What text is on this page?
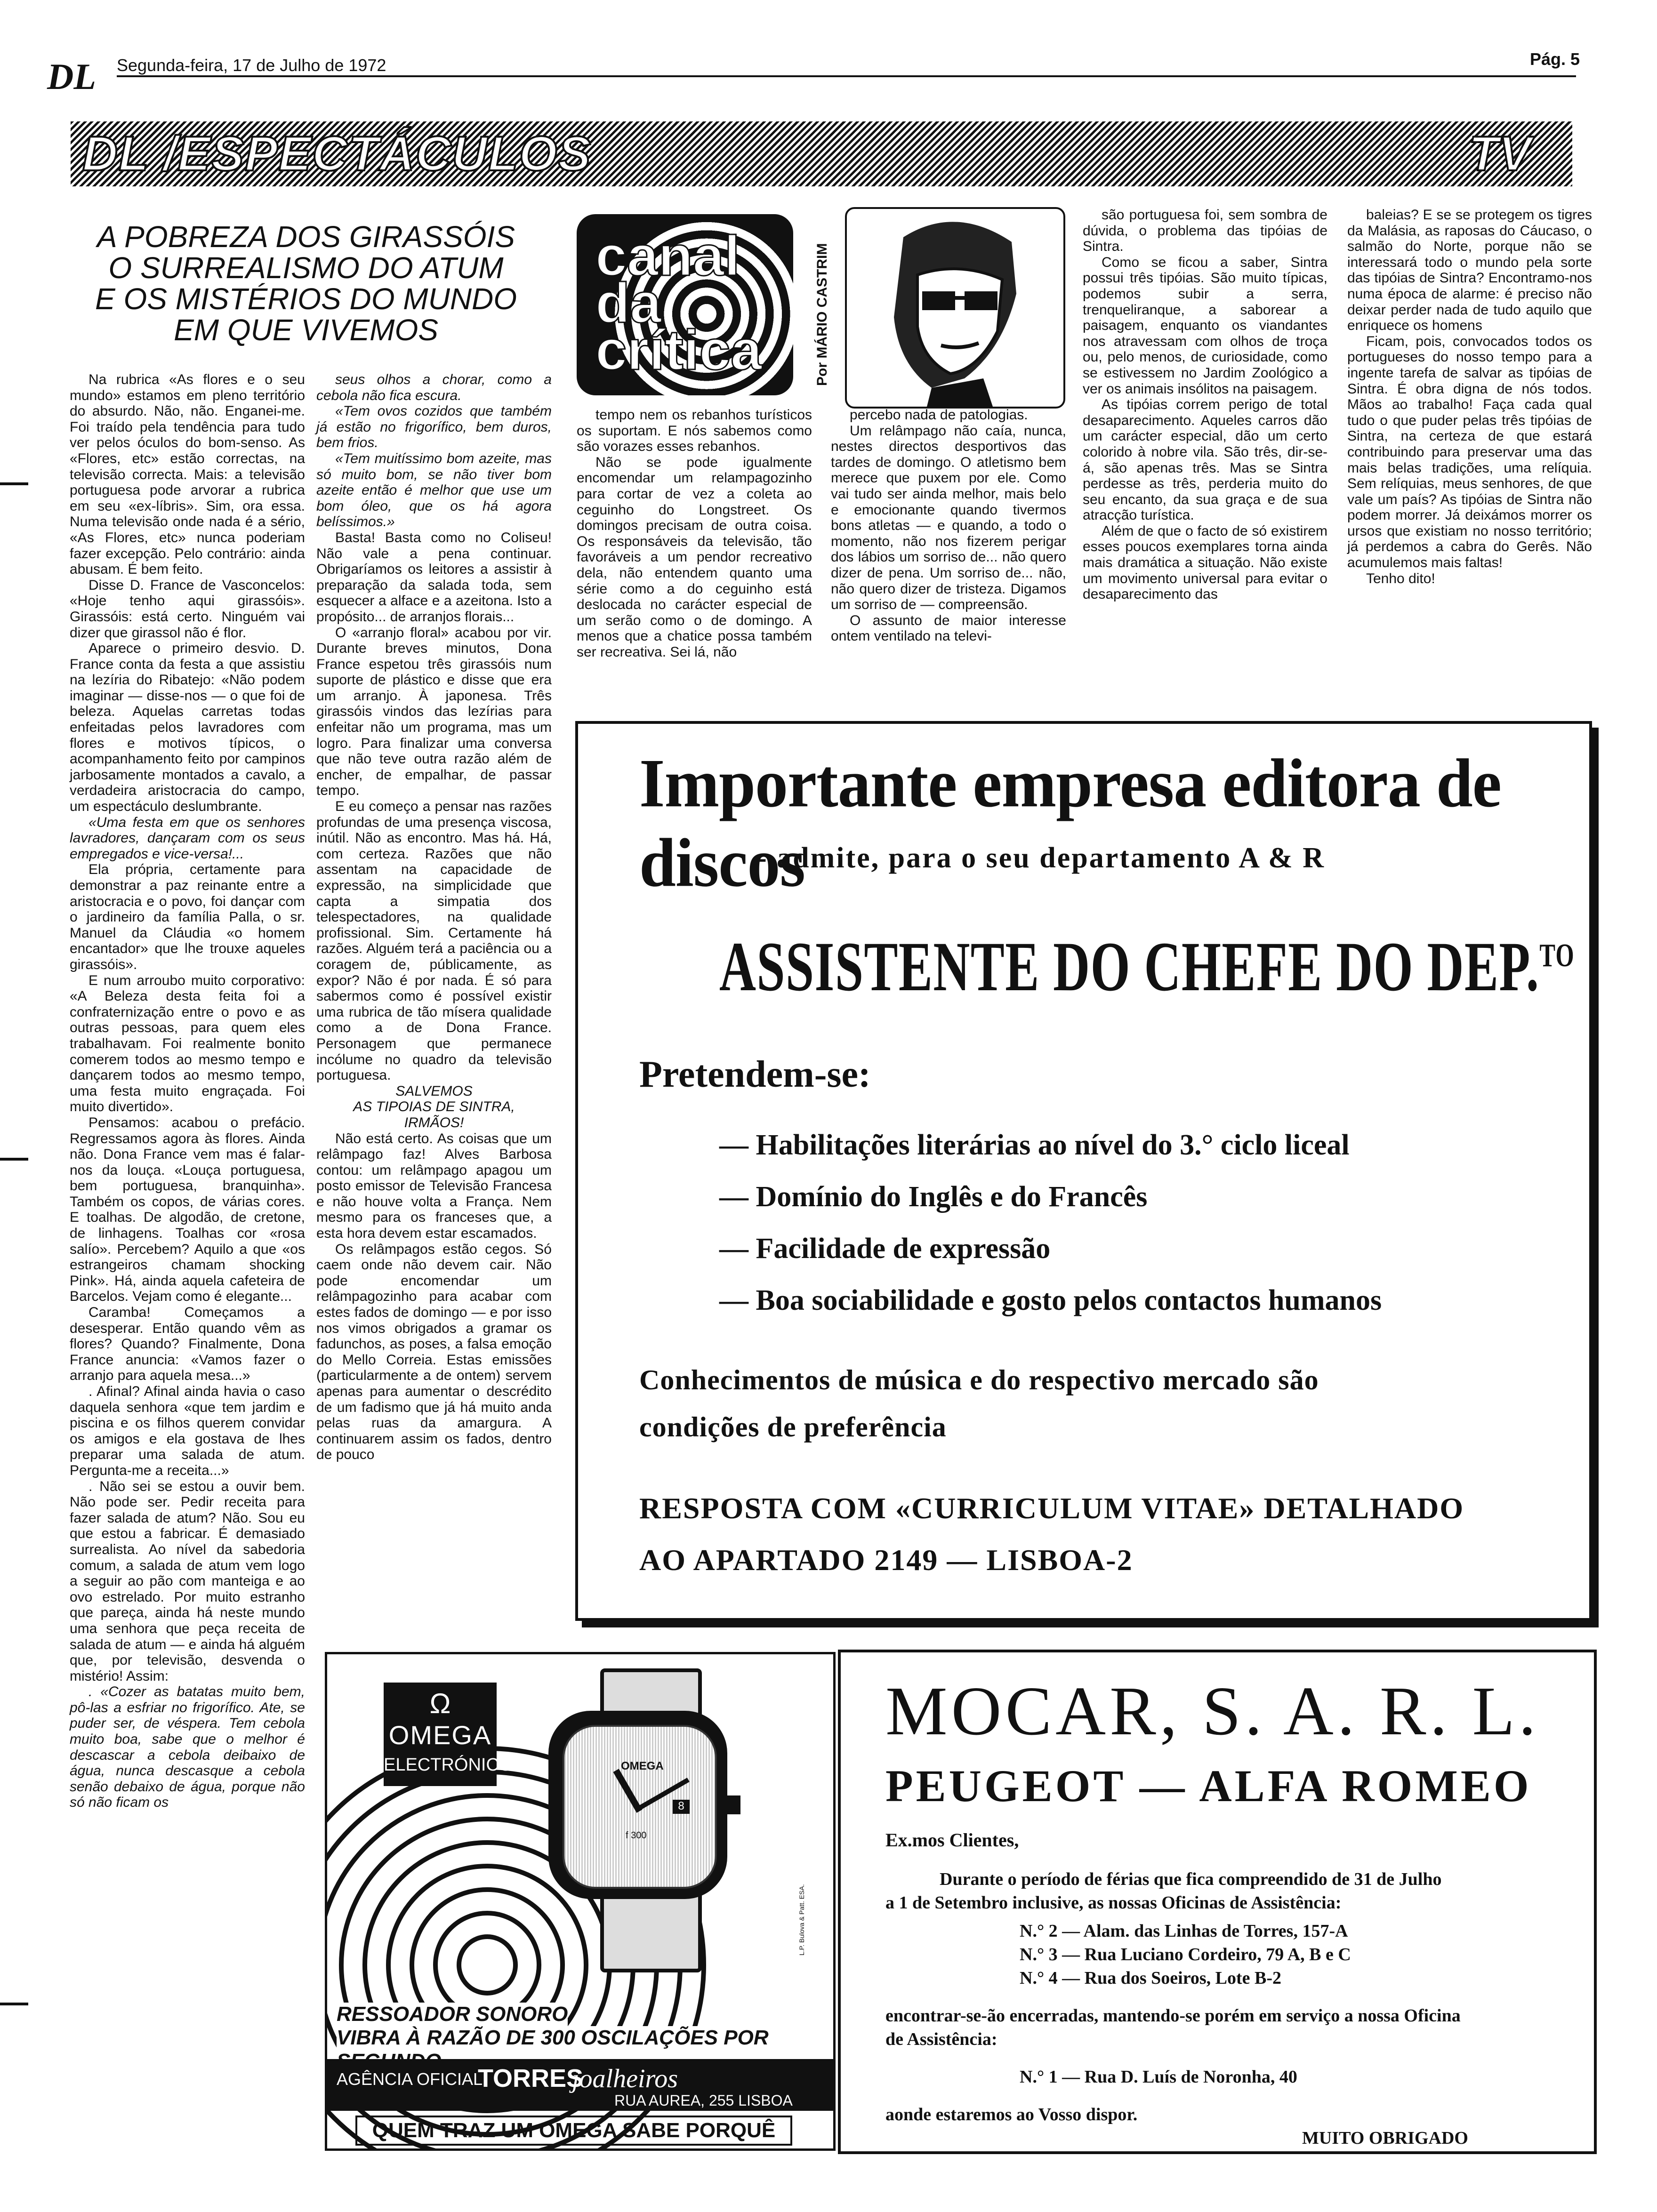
DL Segunda-feira, 17 de Julho de 1972	Pág. 5
DL /ESPECTÁCULOS	TV
A POBREZA DOS GIRASSÓIS
O SURREALISMO DO ATUM
E OS MISTÉRIOS DO MUNDO
EM QUE VIVEMOS
canal
da
crítica	Por MÁRIO CASTRIM

Na rubrica «As flores e o seu mundo» estamos em pleno território do absurdo. Não, não. Enganei-me. Foi traído pela tendência para tudo ver pelos óculos do bom-senso. As «Flores, etc» estão correctas, na televisão correcta. Mais: a televisão portuguesa pode arvorar a rubrica em seu «ex-líbris». Sim, ora essa. Numa televisão onde nada é a sério, «As Flores, etc» nunca poderiam fazer excepção. Pelo contrário: ainda abusam. É bem feito.

Disse D. France de Vasconcelos: «Hoje tenho aqui girassóis». Girassóis: está certo. Ninguém vai dizer que girassol não é flor.

Aparece o primeiro desvio. D. France conta da festa a que assistiu na lezíria do Ribatejo: «Não podem imaginar — disse-nos — o que foi de beleza. Aquelas carretas todas enfeitadas pelos lavradores com flores e motivos típicos, o acompanhamento feito por campinos jarbosamente montados a cavalo, a verdadeira aristocracia do campo, um espectáculo deslumbrante.

«Uma festa em que os senhores lavradores, dançaram com os seus empregados e vice-versa!...

Ela própria, certamente para demonstrar a paz reinante entre a aristocracia e o povo, foi dançar com o jardineiro da família Palla, o sr. Manuel da Cláudia «o homem encantador» que lhe trouxe aqueles girassóis».

E num arroubo muito corporativo: «A Beleza desta feita foi a confraternização entre o povo e as outras pessoas, para quem eles trabalhavam. Foi realmente bonito comerem todos ao mesmo tempo e dançarem todos ao mesmo tempo, uma festa muito engraçada. Foi muito divertido».

Pensamos: acabou o prefácio. Regressamos agora às flores. Ainda não. Dona France vem mas é falar-nos da louça. «Louça portuguesa, bem portuguesa, branquinha». Também os copos, de várias cores. E toalhas. De algodão, de cretone, de linhagens. Toalhas cor «rosa salío». Percebem? Aquilo a que «os estrangeiros chamam shocking Pink». Há, ainda aquela cafeteira de Barcelos. Vejam como é elegante...

Caramba! Começamos a desesperar. Então quando vêm as flores? Quando? Finalmente, Dona France anuncia: «Vamos fazer o arranjo para aquela mesa...»

. Afinal? Afinal ainda havia o caso daquela senhora «que tem jardim e piscina e os filhos querem convidar os amigos e ela gostava de lhes preparar uma salada de atum. Pergunta-me a receita...»

. Não sei se estou a ouvir bem. Não pode ser. Pedir receita para fazer salada de atum? Não. Sou eu que estou a fabricar. É demasiado surrealista. Ao nível da sabedoria comum, a salada de atum vem logo a seguir ao pão com manteiga e ao ovo estrelado. Por muito estranho que pareça, ainda há neste mundo uma senhora que peça receita de salada de atum — e ainda há alguém que, por televisão, desvenda o mistério! Assim:

. «Cozer as batatas muito bem, pô-las a esfriar no frigorífico. Ate, se puder ser, de véspera. Tem cebola muito boa, sabe que o melhor é descascar a cebola deibaixo de água, nunca descasque a cebola senão debaixo de água, porque não só não ficam os

seus olhos a chorar, como a cebola não fica escura.

«Tem ovos cozidos que também já estão no frigorífico, bem duros, bem frios.

«Tem muitíssimo bom azeite, mas só muito bom, se não tiver bom azeite então é melhor que use um bom óleo, que os há agora belíssimos.»

Basta! Basta como no Coliseu! Não vale a pena continuar. Obrigaríamos os leitores a assistir à preparação da salada toda, sem esquecer a alface e a azeitona. Isto a propósito... de arranjos florais...

O «arranjo floral» acabou por vir. Durante breves minutos, Dona France espetou três girassóis num suporte de plástico e disse que era um arranjo. À japonesa. Três girassóis vindos das lezírias para enfeitar não um programa, mas um logro. Para finalizar uma conversa que não teve outra razão além de encher, de empalhar, de passar tempo.

E eu começo a pensar nas razões profundas de uma presença viscosa, inútil. Não as encontro. Mas há. Há, com certeza. Razões que não assentam na capacidade de expressão, na simplicidade que capta a simpatia dos telespectadores, na qualidade profissional. Sim. Certamente há razões. Alguém terá a paciência ou a coragem de, públicamente, as expor? Não é por nada. É só para sabermos como é possível existir uma rubrica de tão mísera qualidade como a de Dona France. Personagem que permanece incólume no quadro da televisão portuguesa.

SALVEMOS

AS TIPOIAS DE SINTRA,

IRMÃOS!

Não está certo. As coisas que um relâmpago faz! Alves Barbosa contou: um relâmpago apagou um posto emissor de Televisão Francesa e não houve volta a França. Nem mesmo para os franceses que, a esta hora devem estar escamados.

Os relâmpagos estão cegos. Só caem onde não devem cair. Não pode encomendar um relâmpagozinho para acabar com estes fados de domingo — e por isso nos vimos obrigados a gramar os fadunchos, as poses, a falsa emoção do Mello Correia. Estas emissões (particularmente a de ontem) servem apenas para aumentar o descrédito de um fadismo que já há muito anda pelas ruas da amargura. A continuarem assim os fados, dentro de pouco

tempo nem os rebanhos turísticos os suportam. E nós sabemos como são vorazes esses rebanhos.

Não se pode igualmente encomendar um relampagozinho para cortar de vez a coleta ao ceguinho do Longstreet. Os domingos precisam de outra coisa. Os responsáveis da televisão, tão favoráveis a um pendor recreativo dela, não entendem quanto uma série como a do ceguinho está deslocada no carácter especial de um serão como o de domingo. A menos que a chatice possa também ser recreativa. Sei lá, não

percebo nada de patologias.

Um relâmpago não caía, nunca, nestes directos desportivos das tardes de domingo. O atletismo bem merece que puxem por ele. Como vai tudo ser ainda melhor, mais belo e emocionante quando tivermos bons atletas — e quando, a todo o momento, não nos fizerem perigar dos lábios um sorriso de... não quero dizer de pena. Um sorriso de... não, não quero dizer de tristeza. Digamos um sorriso de — compreensão.

O assunto de maior interesse ontem ventilado na televi-

são portuguesa foi, sem sombra de dúvida, o problema das tipóias de Sintra.

Como se ficou a saber, Sintra possui três tipóias. São muito típicas, podemos subir a serra, trenqueliranque, a saborear a paisagem, enquanto os viandantes nos atravessam com olhos de troça ou, pelo menos, de curiosidade, como se estivessem no Jardim Zoológico a ver os animais insólitos na paisagem.

As tipóias correm perigo de total desaparecimento. Aqueles carros dão um carácter especial, dão um certo colorido à nobre vila. São três, dir-se-á, são apenas três. Mas se Sintra perdesse as três, perderia muito do seu encanto, da sua graça e de sua atracção turística.

Além de que o facto de só existirem esses poucos exemplares torna ainda mais dramática a situação. Não existe um movimento universal para evitar o desaparecimento das

baleias? E se se protegem os tigres da Malásia, as raposas do Cáucaso, o salmão do Norte, porque não se interessará todo o mundo pela sorte das tipóias de Sintra? Encontramo-nos numa época de alarme: é preciso não deixar perder nada de tudo aquilo que enriquece os homens

Ficam, pois, convocados todos os portugueses do nosso tempo para a ingente tarefa de salvar as tipóias de Sintra. É obra digna de nós todos. Mãos ao trabalho! Faça cada qual tudo o que puder pelas três tipóias de Sintra, na certeza de que estará contribuindo para preservar uma das mais belas tradições, uma relíquia. Sem relíquias, meus senhores, de que vale um país? As tipóias de Sintra não podem morrer. Já deixámos morrer os ursos que existiam no nosso território; já perdemos a cabra do Gerês. Não acumulemos mais faltas!

Tenho dito!

Importante empresa editora de discos
- admite, para o seu departamento A & R
ASSISTENTE DO CHEFE DO DEP.$^{TO}$
Pretendem-se:
— Habilitações literárias ao nível do 3.° ciclo liceal
— Domínio do Inglês e do Francês
— Facilidade de expressão
— Boa sociabilidade e gosto pelos contactos humanos
Conhecimentos de música e do respectivo mercado são
condições de preferência
RESPOSTA COM «CURRICULUM VITAE» DETALHADO
AO APARTADO 2149 — LISBOA-2
Ω
OMEGA
ELECTRÓNICO	OMEGA
f 300
8
L.P. Bulova & Patt. ESA.
RESSOADOR SONORO
VIBRA À RAZÃO DE 300 OSCILAÇÕES POR
AGÊNCIA OFICIAL
TORRES
joalheiros
RUA AUREA, 255 LISBOA
QUEM TRAZ UM OMEGA SABE PORQUÊ
MOCAR, S. A. R. L.
PEUGEOT — ALFA ROMEO
Ex.mos Clientes,
Durante o período de férias que fica compreendido de 31 de Julho
a 1 de Setembro inclusive, as nossas Oficinas de Assistência:
N.° 2 — Alam. das Linhas de Torres, 157-A
N.° 3 — Rua Luciano Cordeiro, 79 A, B e C
N.° 4 — Rua dos Soeiros, Lote B-2
encontrar-se-ão encerradas, mantendo-se porém em serviço a nossa Oficina
de Assistência:
N.° 1 — Rua D. Luís de Noronha, 40
aonde estaremos ao Vosso dispor.
MUITO OBRIGADO
